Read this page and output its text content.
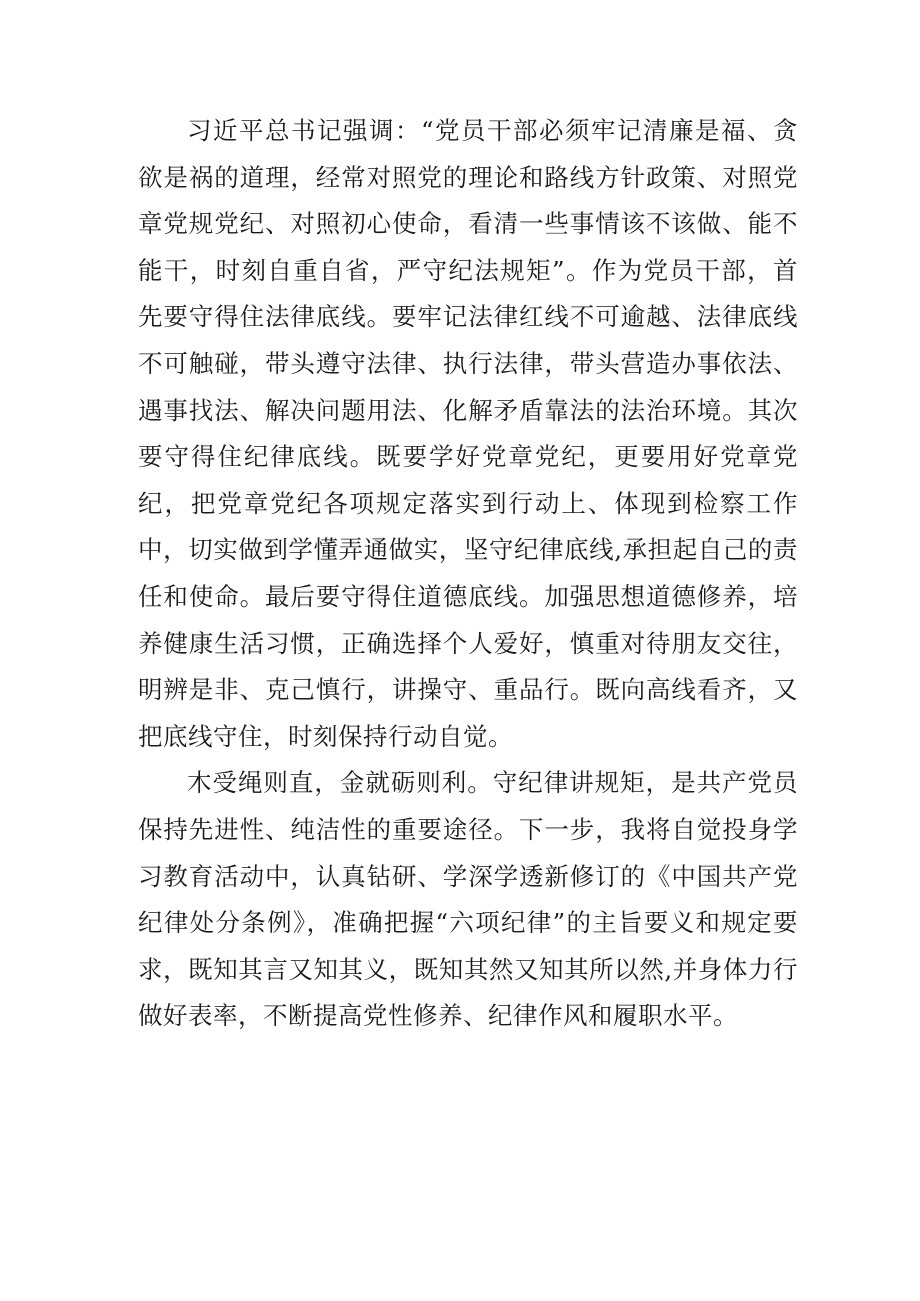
习近平总书记强调：“党员干部必须牢记清廉是福、贪欲是祸的道理，经常对照党的理论和路线方针政策、对照党章党规党纪、对照初心使命，看清一些事情该不该做、能不能干，时刻自重自省，严守纪法规矩”。作为党员干部，首先要守得住法律底线。要牢记法律红线不可逾越、法律底线不可触碰，带头遵守法律、执行法律，带头营造办事依法、遇事找法、解决问题用法、化解矛盾靠法的法治环境。其次要守得住纪律底线。既要学好党章党纪，更要用好党章党纪，把党章党纪各项规定落实到行动上、体现到检察工作中，切实做到学懂弄通做实，坚守纪律底线,承担起自己的责任和使命。最后要守得住道德底线。加强思想道德修养，培养健康生活习惯，正确选择个人爱好，慎重对待朋友交往，明辨是非、克己慎行，讲操守、重品行。既向高线看齐，又把底线守住，时刻保持行动自觉。

木受绳则直，金就砺则利。守纪律讲规矩，是共产党员保持先进性、纯洁性的重要途径。下一步，我将自觉投身学习教育活动中，认真钻研、学深学透新修订的《中国共产党纪律处分条例》，准确把握“六项纪律”的主旨要义和规定要求，既知其言又知其义，既知其然又知其所以然,并身体力行做好表率，不断提高党性修养、纪律作风和履职水平。
